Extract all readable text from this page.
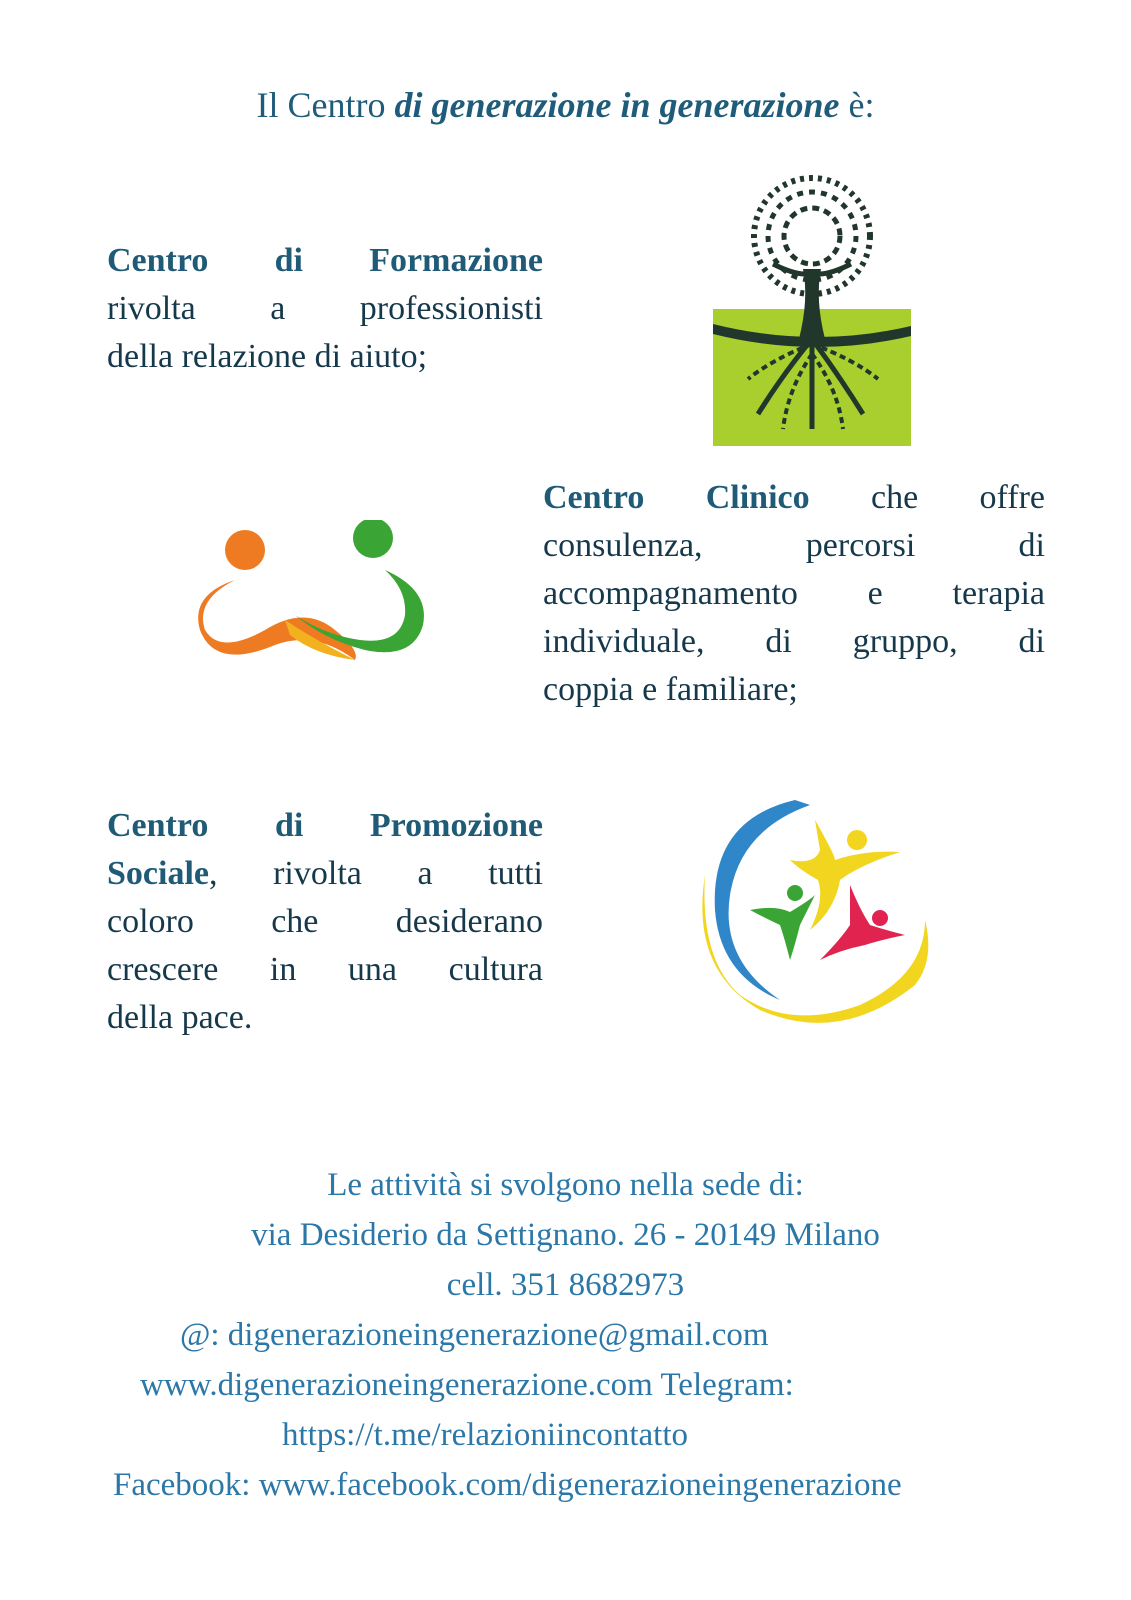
Il Centro di generazione in generazione è:
Centro di Formazione
rivolta a professionisti
della relazione di aiuto;
Centro Clinico che offre
consulenza, percorsi di
accompagnamento e terapia
individuale, di gruppo, di
coppia e familiare;
Centro di Promozione
Sociale, rivolta a tutti
coloro che desiderano
crescere in una cultura
della pace.
Le attività si svolgono nella sede di:
via Desiderio da Settignano. 26 - 20149 Milano
cell. 351 8682973
@: digenerazioneingenerazione@gmail.com
www.digenerazioneingenerazione.com Telegram:
https://t.me/relazioniincontatto
Facebook: www.facebook.com/digenerazioneingenerazione
